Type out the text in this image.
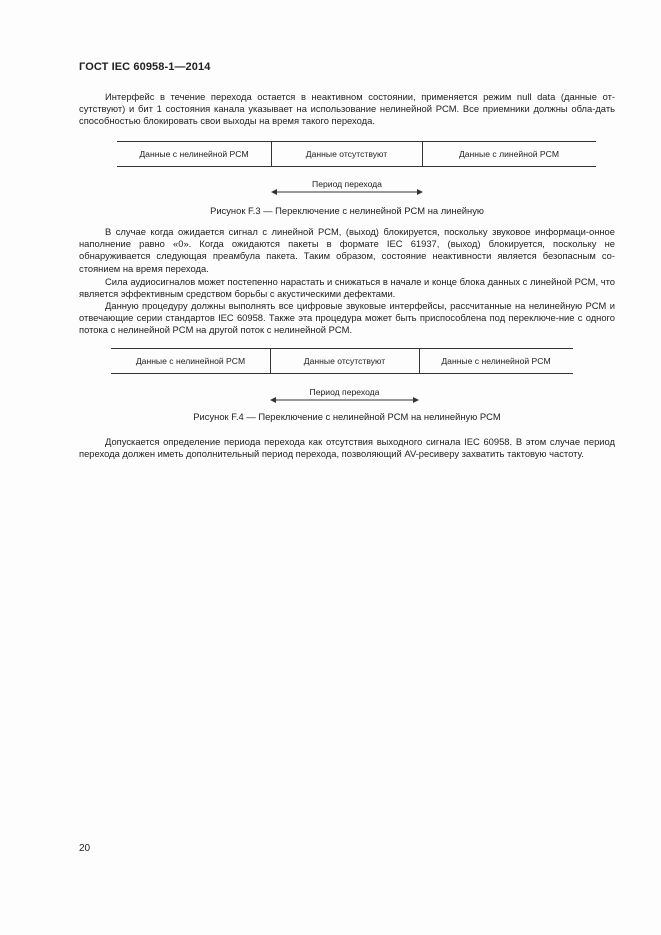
ГОСТ IEC 60958-1—2014

Интерфейс в течение перехода остается в неактивном состоянии, применяется режим null data (данные от-сутствуют) и бит 1 состояния канала указывает на использование нелинейной PCM. Все приемники должны обла-дать способностью блокировать свои выходы на время такого перехода.

Данные с нелинейной PCM	Данные отсутствуют	Данные с линейной PCM
Период перехода
Рисунок F.3 — Переключение с нелинейной PCM на линейную

В случае когда ожидается сигнал с линейной PCM, (выход) блокируется, поскольку звуковое информаци-онное наполнение равно «0». Когда ожидаются пакеты в формате IEC 61937, (выход) блокируется, поскольку не обнаруживается следующая преамбула пакета. Таким образом, состояние неактивности является безопасным со-стоянием на время перехода.

Сила аудиосигналов может постепенно нарастать и снижаться в начале и конце блока данных с линейной PCM, что является эффективным средством борьбы с акустическими дефектами.

Данную процедуру должны выполнять все цифровые звуковые интерфейсы, рассчитанные на нелинейную PCM и отвечающие серии стандартов IEC 60958. Также эта процедура может быть приспособлена под переключе-ние с одного потока с нелинейной PCM на другой поток с нелинейной PCM.

Данные с нелинейной PCM	Данные отсутствуют	Данные с нелинейной PCM
Период перехода
Рисунок F.4 — Переключение с нелинейной PCM на нелинейную PCM

Допускается определение периода перехода как отсутствия выходного сигнала IEC 60958. В этом случае период перехода должен иметь дополнительный период перехода, позволяющий AV-ресиверу захватить тактовую частоту.

20
